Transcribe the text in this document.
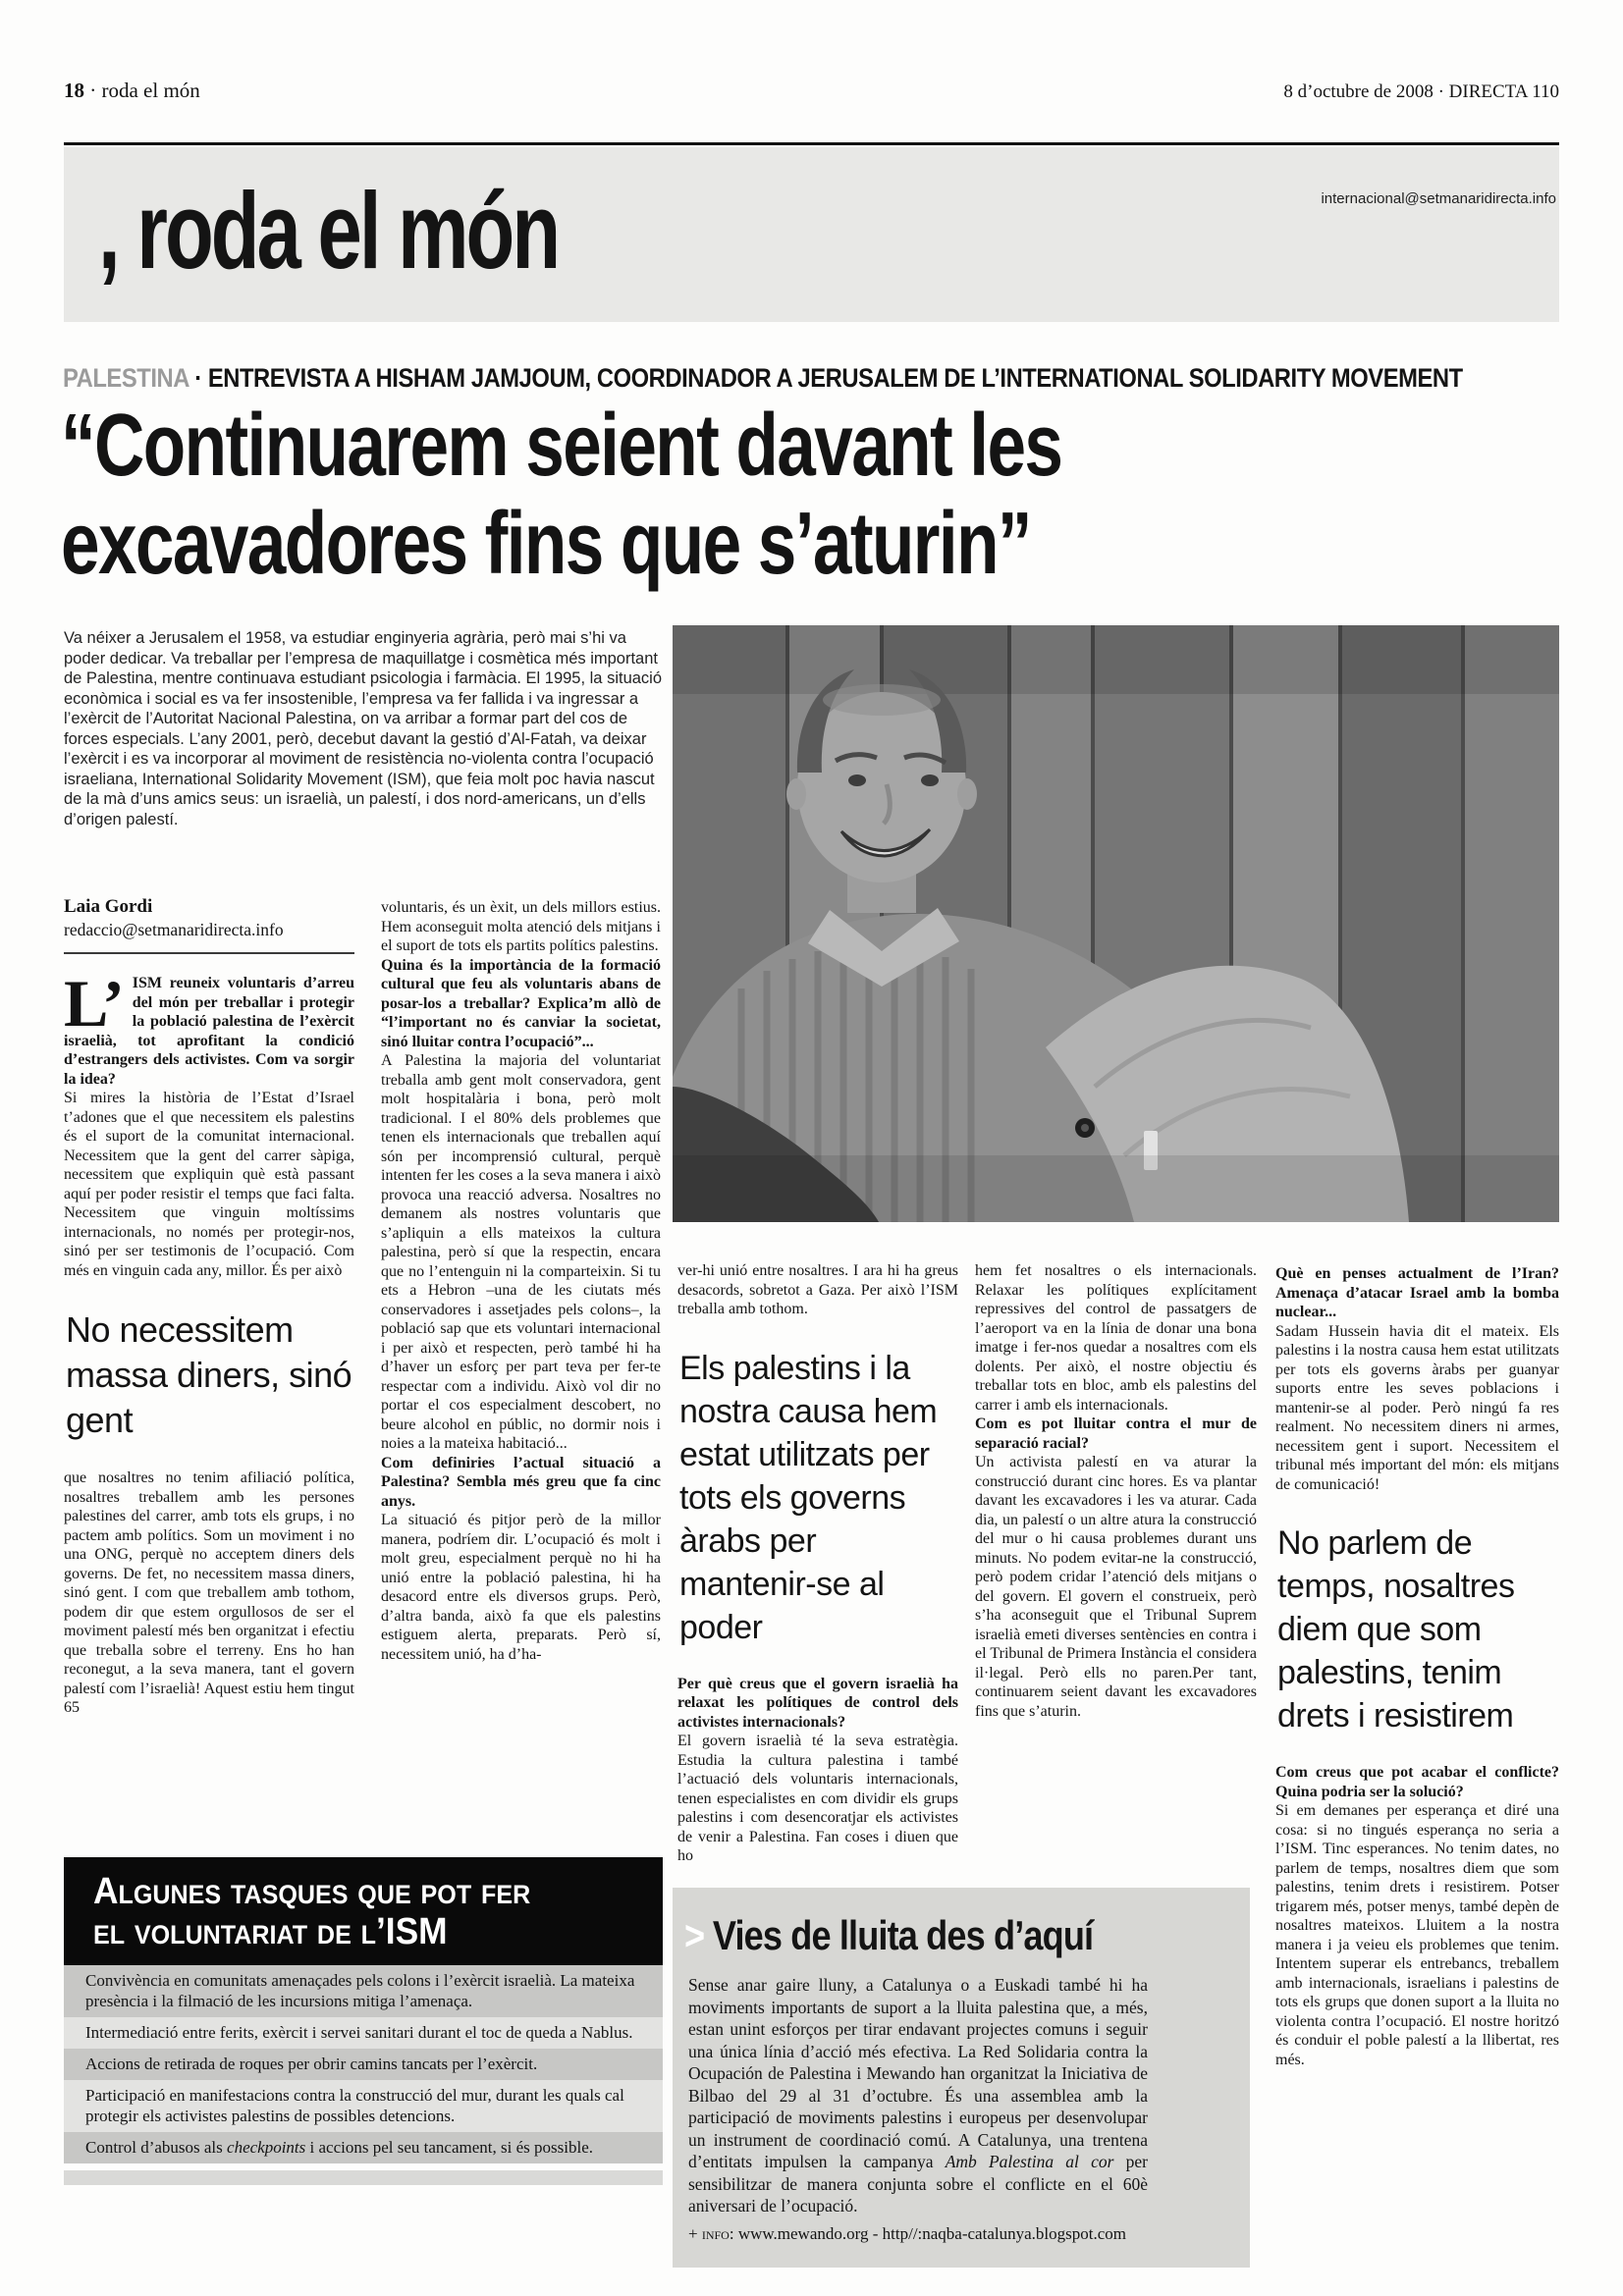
18 · roda el món	8 d’octubre de 2008 · DIRECTA 110
, roda el món	internacional@setmanaridirecta.info
PALESTINA · ENTREVISTA A HISHAM JAMJOUM, COORDINADOR A JERUSALEM DE L’INTERNATIONAL SOLIDARITY MOVEMENT
“Continuarem seient davant les
excavadores fins que s’aturin”
Va néixer a Jerusalem el 1958, va estudiar enginyeria agrària, però mai s’hi va poder dedicar. Va treballar per l’empresa de maquillatge i cosmètica més important de Palestina, mentre continuava estudiant psicologia i farmàcia. El 1995, la situació econòmica i social es va fer insostenible, l’empresa va fer fallida i va ingressar a l’exèrcit de l’Autoritat Nacional Palestina, on va arribar a formar part del cos de forces especials. L’any 2001, però, decebut davant la gestió d’Al-Fatah, va deixar l’exèrcit i es va incorporar al moviment de resistència no-violenta contra l’ocupació israeliana, International Solidarity Movement (ISM), que feia molt poc havia nascut de la mà d’uns amics seus: un israelià, un palestí, i dos nord-americans, un d’ells d’origen palestí.
Laia Gordi
redaccio@setmanaridirecta.info

L’ ISM reuneix voluntaris d’arreu del món per treballar i protegir la població palestina de l’exèrcit israelià, tot aprofitant la condició d’estrangers dels activistes. Com va sorgir la idea?

Si mires la història de l’Estat d’Israel t’adones que el que necessitem els palestins és el suport de la comunitat internacional. Necessitem que la gent del carrer sàpiga, necessitem que expliquin què està passant aquí per poder resistir el temps que faci falta. Necessitem que vinguin moltíssims internacionals, no només per protegir-nos, sinó per ser testimonis de l’ocupació. Com més en vinguin cada any, millor. És per això

No necessitem massa diners, sinó gent

que nosaltres no tenim afiliació política, nosaltres treballem amb les persones palestines del carrer, amb tots els grups, i no pactem amb polítics. Som un moviment i no una ONG, perquè no acceptem diners dels governs. De fet, no necessitem massa diners, sinó gent. I com que treballem amb tothom, podem dir que estem orgullosos de ser el moviment palestí més ben organitzat i efectiu que treballa sobre el terreny. Ens ho han reconegut, a la seva manera, tant el govern palestí com l’israelià! Aquest estiu hem tingut 65

voluntaris, és un èxit, un dels millors estius. Hem aconseguit molta atenció dels mitjans i el suport de tots els partits polítics palestins.

Quina és la importància de la formació cultural que feu als voluntaris abans de posar-los a treballar? Explica’m allò de “l’important no és canviar la societat, sinó lluitar contra l’ocupació”...

A Palestina la majoria del voluntariat treballa amb gent molt conservadora, gent molt hospitalària i bona, però molt tradicional. I el 80% dels problemes que tenen els internacionals que treballen aquí són per incomprensió cultural, perquè intenten fer les coses a la seva manera i això provoca una reacció adversa. Nosaltres no demanem als nostres voluntaris que s’apliquin a ells mateixos la cultura palestina, però sí que la respectin, encara que no l’entenguin ni la comparteixin. Si tu ets a Hebron –una de les ciutats més conservadores i assetjades pels colons–, la població sap que ets voluntari internacional i per això et respecten, però també hi ha d’haver un esforç per part teva per fer-te respectar com a individu. Això vol dir no portar el cos especialment descobert, no beure alcohol en públic, no dormir nois i noies a la mateixa habitació...

Com definiries l’actual situació a Palestina? Sembla més greu que fa cinc anys.

La situació és pitjor però de la millor manera, podríem dir. L’ocupació és molt i molt greu, especialment perquè no hi ha unió entre la població palestina, hi ha desacord entre els diversos grups. Però, d’altra banda, això fa que els palestins estiguem alerta, preparats. Però sí, necessitem unió, ha d’ha-

ver-hi unió entre nosaltres. I ara hi ha greus desacords, sobretot a Gaza. Per això l’ISM treballa amb tothom.

Els palestins i la nostra causa hem estat utilitzats per tots els governs àrabs per mantenir-se al poder

Per què creus que el govern israelià ha relaxat les polítiques de control dels activistes internacionals?

El govern israelià té la seva estratègia. Estudia la cultura palestina i també l’actuació dels voluntaris internacionals, tenen especialistes en com dividir els grups palestins i com desencoratjar els activistes de venir a Palestina. Fan coses i diuen que ho

hem fet nosaltres o els internacionals. Relaxar les polítiques explícitament repressives del control de passatgers de l’aeroport va en la línia de donar una bona imatge i fer-nos quedar a nosaltres com els dolents. Per això, el nostre objectiu és treballar tots en bloc, amb els palestins del carrer i amb els internacionals.

Com es pot lluitar contra el mur de separació racial?

Un activista palestí en va aturar la construcció durant cinc hores. Es va plantar davant les excavadores i les va aturar. Cada dia, un palestí o un altre atura la construcció del mur o hi causa problemes durant uns minuts. No podem evitar-ne la construcció, però podem cridar l’atenció dels mitjans o del govern. El govern el construeix, però s’ha aconseguit que el Tribunal Suprem israelià emeti diverses sentències en contra i el Tribunal de Primera Instància el considera il·legal. Però ells no paren.Per tant, continuarem seient davant les excavadores fins que s’aturin.

Què en penses actualment de l’Iran? Amenaça d’atacar Israel amb la bomba nuclear...

Sadam Hussein havia dit el mateix. Els palestins i la nostra causa hem estat utilitzats per tots els governs àrabs per guanyar suports entre les seves poblacions i mantenir-se al poder. Però ningú fa res realment. No necessitem diners ni armes, necessitem gent i suport. Necessitem el tribunal més important del món: els mitjans de comunicació!

No parlem de temps, nosaltres diem que som palestins, tenim drets i resistirem

Com creus que pot acabar el conflicte? Quina podria ser la solució?

Si em demanes per esperança et diré una cosa: si no tingués esperança no seria a l’ISM. Tinc esperances. No tenim dates, no parlem de temps, nosaltres diem que som palestins, tenim drets i resistirem. Potser trigarem més, potser menys, també depèn de nosaltres mateixos. Lluitem a la nostra manera i ja veieu els problemes que tenim. Intentem superar els entrebancs, treballem amb internacionals, israelians i palestins de tots els grups que donen suport a la lluita no violenta contra l’ocupació. El nostre horitzó és conduir el poble palestí a la llibertat, res més.

Algunes tasques que pot fer
el voluntariat de l’ISM
Convivència en comunitats amenaçades pels colons i l’exèrcit israelià. La mateixa presència i la filmació de les incursions mitiga l’amenaça.
Intermediació entre ferits, exèrcit i servei sanitari durant el toc de queda a Nablus.
Accions de retirada de roques per obrir camins tancats per l’exèrcit.
Participació en manifestacions contra la construcció del mur, durant les quals cal protegir els activistes palestins de possibles detencions.
Control d’abusos als checkpoints i accions pel seu tancament, si és possible.
> Vies de lluita des d’aquí
Sense anar gaire lluny, a Catalunya o a Euskadi també hi ha moviments importants de suport a la lluita palestina que, a més, estan unint esforços per tirar endavant projectes comuns i seguir una única línia d’acció més efectiva. La Red Solidaria contra la Ocupación de Palestina i Mewando han organitzat la Iniciativa de Bilbao del 29 al 31 d’octubre. És una assemblea amb la participació de moviments palestins i europeus per desenvolupar un instrument de coordinació comú. A Catalunya, una trentena d’entitats impulsen la campanya Amb Palestina al cor per sensibilitzar de manera conjunta sobre el conflicte en el 60è aniversari de l’ocupació.
+ info: www.mewando.org - http//:naqba-catalunya.blogspot.com
